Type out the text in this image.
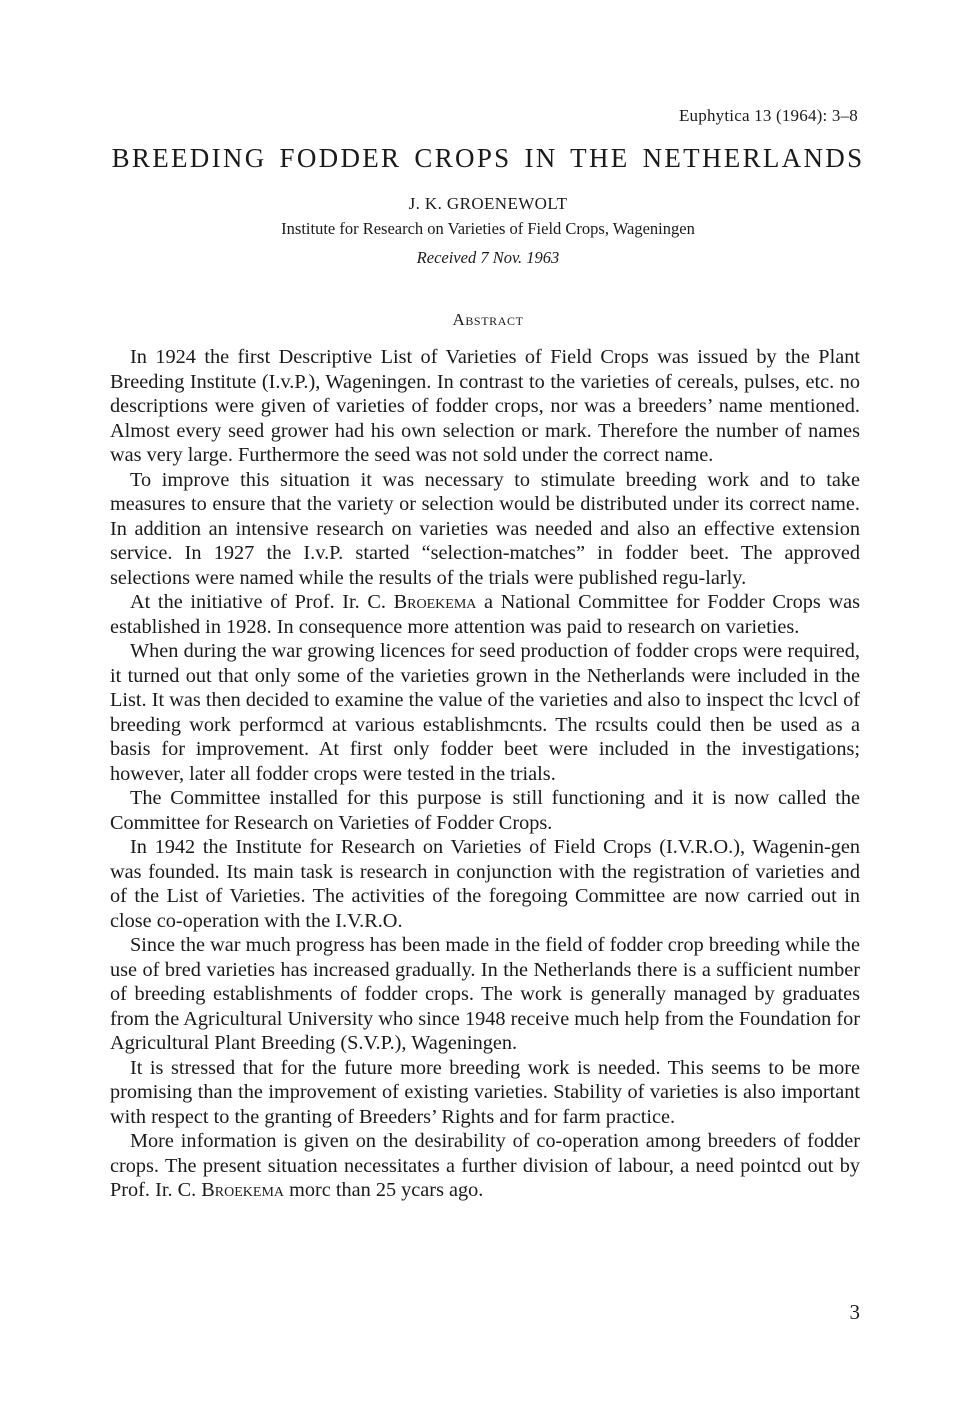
Euphytica 13 (1964): 3–8
BREEDING FODDER CROPS IN THE NETHERLANDS
J. K. GROENEWOLT
Institute for Research on Varieties of Field Crops, Wageningen
Received 7 Nov. 1963
Abstract

In 1924 the first Descriptive List of Varieties of Field Crops was issued by the Plant Breeding Institute (I.v.P.), Wageningen. In contrast to the varieties of cereals, pulses, etc. no descriptions were given of varieties of fodder crops, nor was a breeders’ name mentioned. Almost every seed grower had his own selection or mark. Therefore the number of names was very large. Furthermore the seed was not sold under the correct name.

To improve this situation it was necessary to stimulate breeding work and to take measures to ensure that the variety or selection would be distributed under its correct name. In addition an intensive research on varieties was needed and also an effective extension service. In 1927 the I.v.P. started “selection-matches” in fodder beet. The approved selections were named while the results of the trials were published regu-larly.

At the initiative of Prof. Ir. C. Broekema a National Committee for Fodder Crops was established in 1928. In consequence more attention was paid to research on varieties.

When during the war growing licences for seed production of fodder crops were required, it turned out that only some of the varieties grown in the Netherlands were included in the List. It was then decided to examine the value of the varieties and also to inspect thc lcvcl of breeding work performcd at various establishmcnts. The rcsults could then be used as a basis for improvement. At first only fodder beet were included in the investigations; however, later all fodder crops were tested in the trials.

The Committee installed for this purpose is still functioning and it is now called the Committee for Research on Varieties of Fodder Crops.

In 1942 the Institute for Research on Varieties of Field Crops (I.V.R.O.), Wagenin-gen was founded. Its main task is research in conjunction with the registration of varieties and of the List of Varieties. The activities of the foregoing Committee are now carried out in close co-operation with the I.V.R.O.

Since the war much progress has been made in the field of fodder crop breeding while the use of bred varieties has increased gradually. In the Netherlands there is a sufficient number of breeding establishments of fodder crops. The work is generally managed by graduates from the Agricultural University who since 1948 receive much help from the Foundation for Agricultural Plant Breeding (S.V.P.), Wageningen.

It is stressed that for the future more breeding work is needed. This seems to be more promising than the improvement of existing varieties. Stability of varieties is also important with respect to the granting of Breeders’ Rights and for farm practice.

More information is given on the desirability of co-operation among breeders of fodder crops. The present situation necessitates a further division of labour, a need pointcd out by Prof. Ir. C. Broekema morc than 25 ycars ago.

3
